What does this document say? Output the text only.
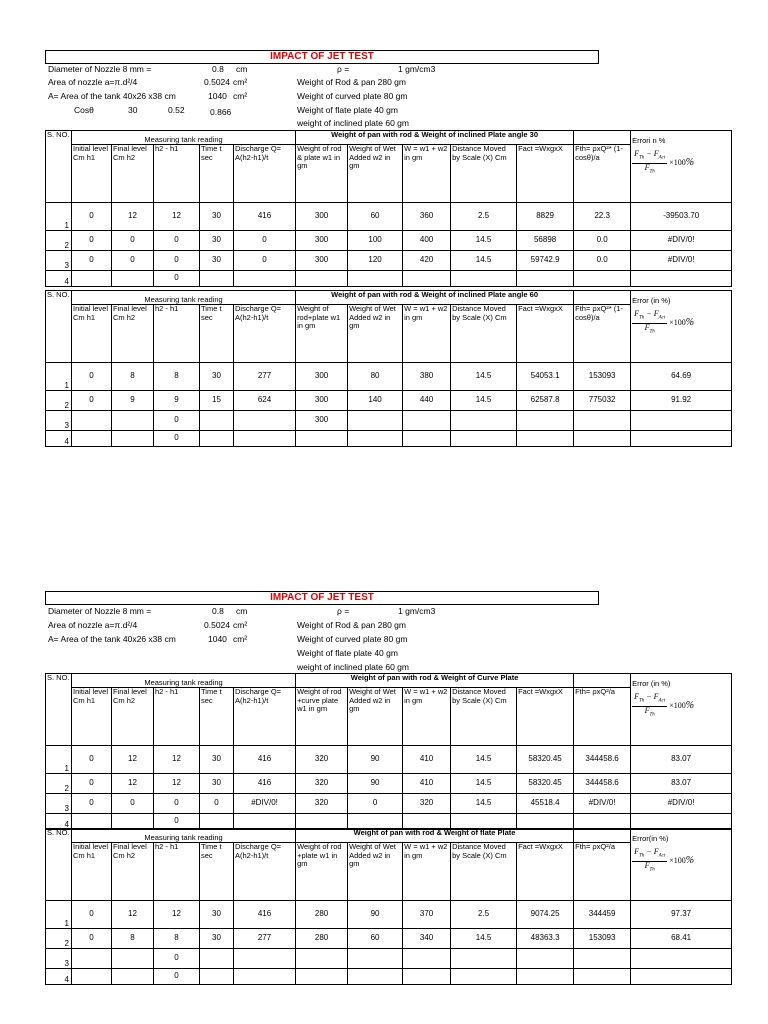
IMPACT OF JET TEST
Diameter of Nozzle 8 mm =	0.8 cm
Area of nozzle a=π.d²/4	0.5024 cm²
A= Area of the tank 40x26 x38 cm	1040 cm²
Cosθ	30	0.52	0.866
ρ =	1 gm/cm3
Weight of Rod & pan 280 gm
Weight of curved plate 80 gm
Weight of flate plate 40 gm
weight of inclined plate 60 gm
S. NO.	Measuring tank reading					Weight of pan with rod & Weight of inclined Plate angle 30						Errori n %
$F_{Th} - F_{Act}$
$F_{Th}$
×100%

	Initial level Cm h1	Final level Cm h2	h2 - h1	Time t sec	Discharge Q= A(h2-h1)/t	Weight of rod & plate w1 in gm	Weight of Wet Added w2 in gm	W = w1 + w2 in gm	Distance Moved by Scale (X) Cm	Fact =WxgxX	Fth= ρxQ²* (1-cosθ)/a	
1	0	12	12	30	416	300	60	360	2.5	8829	22.3	-39503.70
2	0	0	0	30	0	300	100	400	14.5	56898	0.0	#DIV/0!
3	0	0	0	30	0	300	120	420	14.5	59742.9	0.0	#DIV/0!
4			0									
S. NO.	Measuring tank reading					Weight of pan with rod & Weight of inclined Plate angle 60						Error (in %)
$F_{Th} - F_{Act}$
$F_{Th}$
×100%

	Initial level Cm h1	Final level Cm h2	h2 - h1	Time t sec	Discharge Q= A(h2-h1)/t	Weight of rod+plate w1 in gm	Weight of Wet Added w2 in gm	W = w1 + w2 in gm	Distance Moved by Scale (X) Cm	Fact =WxgxX	Fth= ρxQ²* (1-cosθ)/a	
1	0	8	8	30	277	300	80	380	14.5	54053.1	153093	64.69
2	0	9	9	15	624	300	140	440	14.5	62587.8	775032	91.92
3			0			300						
4			0									
IMPACT OF JET TEST
Diameter of Nozzle 8 mm =	0.8 cm
Area of nozzle a=π.d²/4	0.5024 cm²
A= Area of the tank 40x26 x38 cm	1040 cm²
ρ =	1 gm/cm3
Weight of Rod & pan 280 gm
Weight of curved plate 80 gm
Weight of flate plate 40 gm
weight of inclined plate 60 gm
S. NO.	Measuring tank reading					Weight of pan with rod & Weight of Curve Plate						Error (in %)
$F_{Th} - F_{Act}$
$F_{Th}$
×100%

	Initial level Cm h1	Final level Cm h2	h2 - h1	Time t sec	Discharge Q= A(h2-h1)/t	Weight of rod +curve plate w1 in gm	Weight of Wet Added w2 in gm	W = w1 + w2 in gm	Distance Moved by Scale (X) Cm	Fact =WxgxX	Fth= ρxQ²/a	
1	0	12	12	30	416	320	90	410	14.5	58320.45	344458.6	83.07
2	0	12	12	30	416	320	90	410	14.5	58320.45	344458.6	83.07
3	0	0	0	0	#DIV/0!	320	0	320	14.5	45518.4	#DIV/0!	#DIV/0!
4			0									
S. NO.	Measuring tank reading					Weight of pan with rod & Weight of flate Plate						Error(in %)
$F_{Th} - F_{Act}$
$F_{Th}$
×100%

	Initial level Cm h1	Final level Cm h2	h2 - h1	Time t sec	Discharge Q= A(h2-h1)/t	Weight of rod +plate w1 in gm	Weight of Wet Added w2 in gm	W = w1 + w2 in gm	Distance Moved by Scale (X) Cm	Fact =WxgxX	Fth= ρxQ²/a	
1	0	12	12	30	416	280	90	370	2.5	9074.25	344459	97.37
2	0	8	8	30	277	280	60	340	14.5	48363.3	153093	68.41
3			0									
4			0									
